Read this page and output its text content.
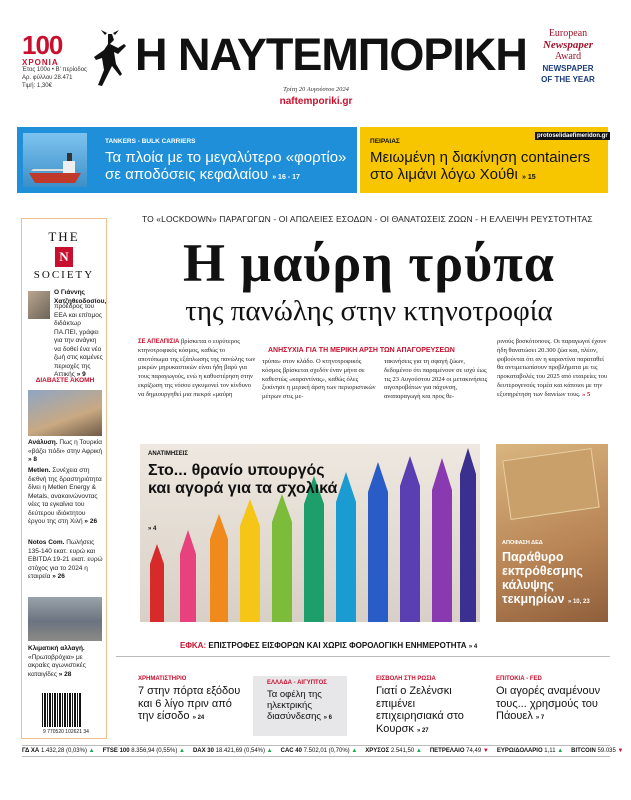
100
ΧΡΟΝΙΑ
Έτος 100ο • Β' περίοδος
Αρ. φύλλου 28.471
Τιμή: 1,30€
Η ΝΑΥΤΕΜΠΟΡΙΚΗ
Τρίτη 20 Αυγούστου 2024
naftemporiki.gr
European
Newspaper
Award
NEWSPAPER
OF THE YEAR
TANKERS - BULK CARRIERS
Τα πλοία με το μεγαλύτερο «φορτίο» σε αποδόσεις κεφαλαίου » 16 - 17
ΠΕΙΡΑΙΑΣ
Μειωμένη η διακίνηση containers στο λιμάνι λόγω Χούθι » 15
protoselidaefimeridon.gr
THE
N
SOCIETY
Ο Γιάννης Χατζηθεοδοσίου,
πρόεδρος του ΕΕΑ και επίτιμος διδάκτωρ ΠΑ.ΠΕΙ, γράφει για την ανάγκη να δοθεί ένα νέο ζωή στις καμένες περιοχές της Αττικής » 9
ΔΙΑΒΑΣΤΕ ΑΚΟΜΗ
Ανάλυση. Πως η Τουρκία «βάζει πόδι» στην Αφρική » 8
Metlen. Συνέχεια στη διεθνή της δραστηριότητα δίνει η Metlen Energy & Metals, ανακοινώνοντας νέες τα εγκαίνια του δεύτερου ιδιόκτητου έργου της στη Χιλή » 26
Notos Com. Πωλήσεις 135-140 εκατ. ευρώ και EBITDA 19-21 εκατ. ευρώ στόχος για το 2024 η εταιρεία » 26
Κλιματική αλλαγή. «Πρωτοβρόχια» με ακραίες αγωνιστικές καταιγίδες » 28
9 770520 102621 34
ΤΟ «LOCKDOWN» ΠΑΡΑΓΩΓΩΝ - ΟΙ ΑΠΩΛΕΙΕΣ ΕΣΟΔΩΝ - ΟΙ ΘΑΝΑΤΩΣΕΙΣ ΖΩΩΝ - Η ΕΛΛΕΙΨΗ ΡΕΥΣΤΟΤΗΤΑΣ
Η μαύρη τρύπα
της πανώλης στην κτηνοτροφία
ΑΝΗΣΥΧΙΑ ΓΙΑ ΤΗ ΜΕΡΙΚΗ ΑΡΣΗ ΤΩΝ ΑΠΑΓΟΡΕΥΣΕΩΝ
ΣΕ ΑΠΕΛΠΙΣΙΑ βρίσκεται ο ευρύτερος κτηνοτροφικός κόσμος, καθώς το αποτύπωμα της εξάπλωσης της πανώλης των μικρών μηρυκαστικών είναι ήδη βαρύ για τους παραγωγούς, ενώ η καθυστέρηση στην εκρίζωση της νόσου εγκυμονεί τον κίνδυνο να δημιουργηθεί μια πιεκρά «μαύρη
τρύπα» στον κλάδο. Ο κτηνοτροφικός κόσμος βρίσκεται σχεδόν έναν μήνα σε καθεστώς «καραντίνας», καθώς όλες ξεκίνησε η μερική άρση των περιοριστικών μέτρων στις με-
τακινήσεις για τη σφαγή ζώων, δεδομένου ότι παραμένουν σε ισχύ έως τις 23 Αυγούστου 2024 οι μετακινήσεις αιγοπροβάτων για πάχυνση, αναπαραγωγή και προς θε-
ρινούς βοσκότοπους. Οι παραγωγοί έχουν ήδη θανατώσει 20.300 ζώα και, πλέον, φοβούνται ότι αν η καραντίνα παραταθεί θα αντιμετωπίσουν προβλήματα με τις προκαταβολές του 2025 από εταιρείες του δευτερογενούς τομέα και κάποιοι με την εξυπηρέτηση των δανείων τους. » 5
ΑΝΑΤΙΜΗΣΕΙΣ
Στο... θρανίο υπουργός και αγορά για τα σχολικά
» 4
ΑΠΟΦΑΣΗ ΔΕΔ
Παράθυρο εκπρόθεσμης κάλυψης τεκμηρίων » 10, 23
ΕΦΚΑ: ΕΠΙΣΤΡΟΦΕΣ ΕΙΣΦΟΡΩΝ ΚΑΙ ΧΩΡΙΣ ΦΟΡΟΛΟΓΙΚΗ ΕΝΗΜΕΡΟΤΗΤΑ » 4
ΧΡΗΜΑΤΙΣΤΗΡΙΟ
7 στην πόρτα εξόδου και 6 λίγο πριν από την είσοδο » 24
ΕΛΛΑΔΑ - ΑΙΓΥΠΤΟΣ
Τα οφέλη της ηλεκτρικής διασύνδεσης » 6
ΕΙΣΒΟΛΗ ΣΤΗ ΡΩΣΙΑ
Γιατί ο Ζελένσκι επιμένει επιχειρησιακά στο Κουρσκ » 27
ΕΠΙΤΟΚΙΑ - FED
Οι αγορές αναμένουν τους... χρησμούς του Πάουελ » 7
ΓΔ ΧΑ 1.432,28 (0,03%) ▲ FTSE 100 8.356,94 (0,55%) ▲ DAX 30 18.421,69 (0,54%) ▲ CAC 40 7.502,01 (0,70%) ▲ ΧΡΥΣΟΣ 2.541,50 ▲ ΠΕΤΡΕΛΑΙΟ 74,49 ▼ ΕΥΡΩ/ΔΟΛΑΡΙΟ 1,11 ▲ BITCOIN 59.035 ▼
